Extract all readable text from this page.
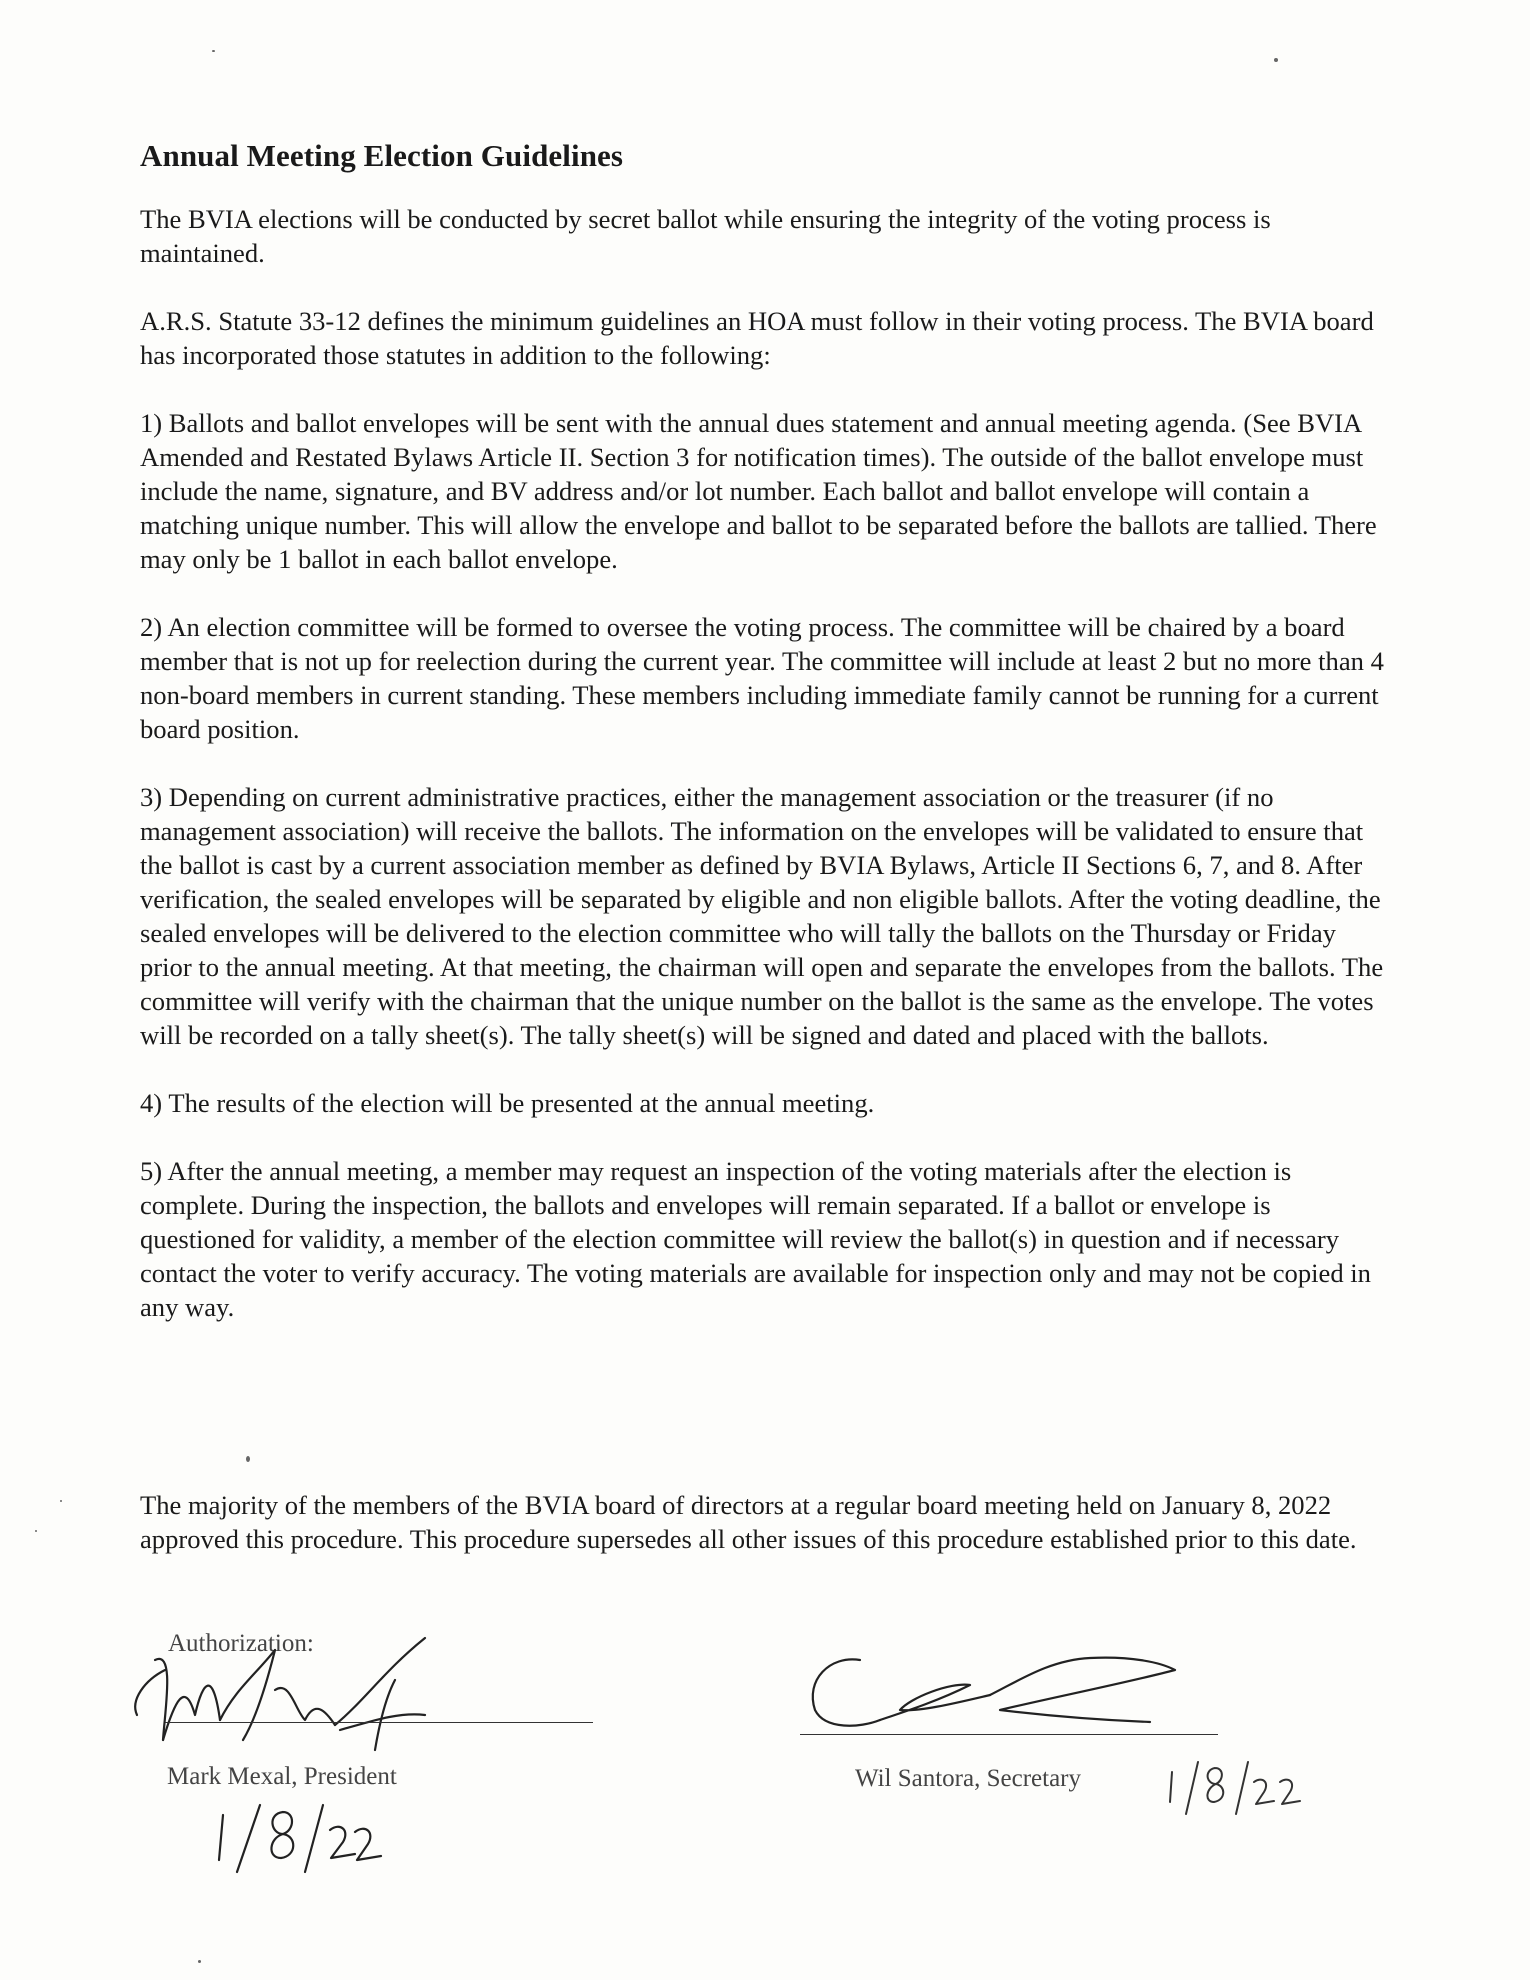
Annual Meeting Election Guidelines

The BVIA elections will be conducted by secret ballot while ensuring the integrity of the voting process is maintained.

A.R.S. Statute 33-12 defines the minimum guidelines an HOA must follow in their voting process. The BVIA board has incorporated those statutes in addition to the following:

1) Ballots and ballot envelopes will be sent with the annual dues statement and annual meeting agenda. (See BVIA Amended and Restated Bylaws Article II. Section 3 for notification times). The outside of the ballot envelope must include the name, signature, and BV address and/or lot number. Each ballot and ballot envelope will contain a matching unique number. This will allow the envelope and ballot to be separated before the ballots are tallied. There may only be 1 ballot in each ballot envelope.

2) An election committee will be formed to oversee the voting process. The committee will be chaired by a board member that is not up for reelection during the current year. The committee will include at least 2 but no more than 4 non-board members in current standing. These members including immediate family cannot be running for a current board position.

3) Depending on current administrative practices, either the management association or the treasurer (if no management association) will receive the ballots. The information on the envelopes will be validated to ensure that the ballot is cast by a current association member as defined by BVIA Bylaws, Article II Sections 6, 7, and 8. After verification, the sealed envelopes will be separated by eligible and non eligible ballots. After the voting deadline, the sealed envelopes will be delivered to the election committee who will tally the ballots on the Thursday or Friday prior to the annual meeting. At that meeting, the chairman will open and separate the envelopes from the ballots. The committee will verify with the chairman that the unique number on the ballot is the same as the envelope. The votes will be recorded on a tally sheet(s). The tally sheet(s) will be signed and dated and placed with the ballots.

4) The results of the election will be presented at the annual meeting.

5) After the annual meeting, a member may request an inspection of the voting materials after the election is complete. During the inspection, the ballots and envelopes will remain separated. If a ballot or envelope is questioned for validity, a member of the election committee will review the ballot(s) in question and if necessary contact the voter to verify accuracy. The voting materials are available for inspection only and may not be copied in any way.

The majority of the members of the BVIA board of directors at a regular board meeting held on January 8, 2022 approved this procedure. This procedure supersedes all other issues of this procedure established prior to this date.

Authorization:
Mark Mexal, President	Wil Santora, Secretary
